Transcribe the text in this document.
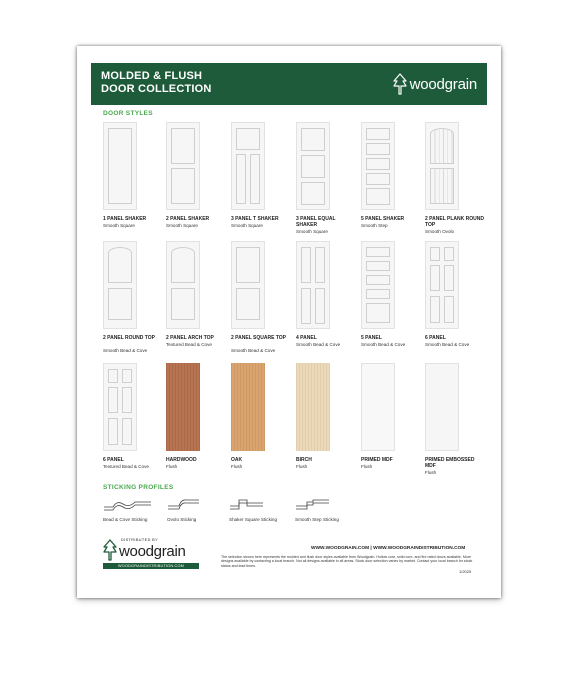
MOLDED & FLUSH
DOOR COLLECTION	woodgrain
DOOR STYLES
1 PANEL SHAKER
Smooth Square
2 PANEL SHAKER
Smooth Square
3 PANEL T SHAKER
Smooth Square
3 PANEL EQUAL SHAKER
Smooth Square
5 PANEL SHAKER
Smooth Step
2 PANEL PLANK ROUND TOP
Smooth Ovolo
2 PANEL ROUND TOP
Smooth Bead & Cove
2 PANEL ARCH TOP
Textured Bead & Cove
2 PANEL SQUARE TOP
Smooth Bead & Cove
4 PANEL
Smooth Bead & Cove
5 PANEL
Smooth Bead & Cove
6 PANEL
Smooth Bead & Cove
6 PANEL
Textured Bead & Cove
HARDWOOD
Flush
OAK
Flush
BIRCH
Flush
PRIMED MDF
Flush
PRIMED EMBOSSED MDF
Flush
STICKING PROFILES
Bead & Cove Sticking	Ovolo Sticking	Shaker Square Sticking	Smooth Step Sticking
DISTRIBUTED BY
woodgrain
WOODGRAINDISTRIBUTION.COM
WWW.WOODGRAIN.COM | WWW.WOODGRAINDISTRIBUTION.COM
The selection shown here represents the molded and flush door styles available from Woodgrain. Hollow core, solid core, and fire rated doors available. More designs available by contacting a local branch. Not all designs available in all areas. Stock door selection varies by market. Contact your local branch for stock status and lead times.
1/2025
